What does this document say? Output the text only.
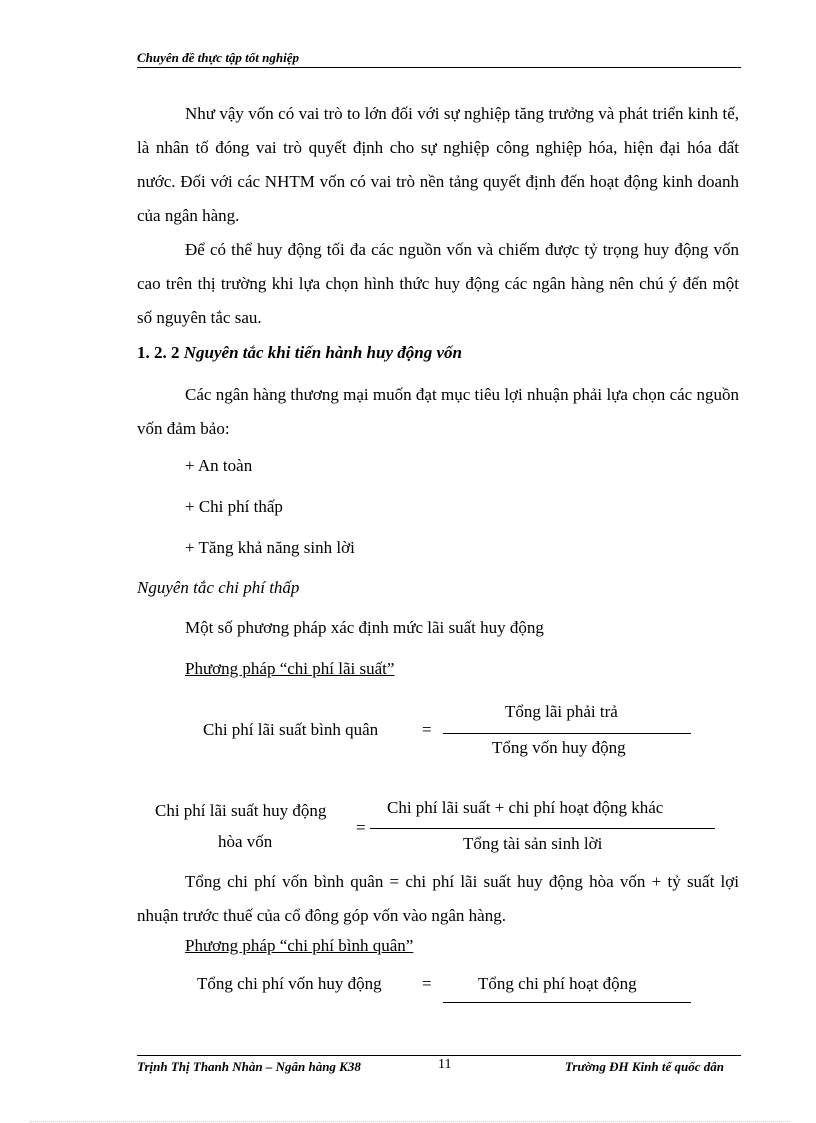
Chuyên đề thực tập tốt nghiệp

Như vậy vốn có vai trò to lớn đối với sự nghiệp tăng trưởng và phát triển kinh tế, là nhân tố đóng vai trò quyết định cho sự nghiệp công nghiệp hóa, hiện đại hóa đất nước. Đối với các NHTM vốn có vai trò nền tảng quyết định đến hoạt động kinh doanh của ngân hàng.

Để có thể huy động tối đa các nguồn vốn và chiếm được tỷ trọng huy động vốn cao trên thị trường khi lựa chọn hình thức huy động các ngân hàng nên chú ý đến một số nguyên tắc sau.

1. 2. 2 Nguyên tắc khi tiến hành huy động vốn

Các ngân hàng thương mại muốn đạt mục tiêu lợi nhuận phải lựa chọn các nguồn vốn đảm bảo:

+ An toàn
+ Chi phí thấp
+ Tăng khả năng sinh lời
Nguyên tắc chi phí thấp
Một số phương pháp xác định mức lãi suất huy động
Phương pháp “chi phí lãi suất”
Chi phí lãi suất bình quân	=
Tổng lãi phải trả
Tổng vốn huy động
Chi phí lãi suất huy động
hòa vốn
=
Chi phí lãi suất + chi phí hoạt động khác
Tổng tài sản sinh lời

Tổng chi phí vốn bình quân = chi phí lãi suất huy động hòa vốn + tỷ suất lợi nhuận trước thuế của cổ đông góp vốn vào ngân hàng.

Phương pháp “chi phí bình quân”
Tổng chi phí vốn huy động =	Tổng chi phí hoạt động
Trịnh Thị Thanh Nhàn – Ngân hàng K38	11	Trường ĐH Kinh tế quốc dân
